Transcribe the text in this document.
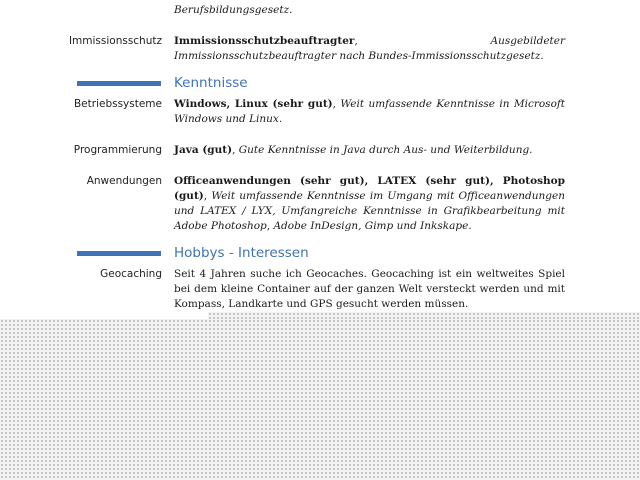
Berufsbildungsgesetz.
Immissionsschutz Immissionsschutzbeauftragter, Ausgebildeter Immissionsschutzbeauftragter nach Bundes-Immissionsschutzgesetz.
Kenntnisse
Betriebssysteme Windows, Linux (sehr gut), Weit umfassende Kenntnisse in Microsoft Windows und Linux.
Programmierung Java (gut), Gute Kenntnisse in Java durch Aus- und Weiterbildung.
Anwendungen Officeanwendungen (sehr gut), LATEX (sehr gut), Photoshop (gut), Weit umfassende Kenntnisse im Umgang mit Officeanwendungen und LATEX / LYX, Umfangreiche Kenntnisse in Grafikbearbeitung mit Adobe Photoshop, Adobe InDesign, Gimp und Inkskape.
Hobbys - Interessen
Geocaching Seit 4 Jahren suche ich Geocaches. Geocaching ist ein weltweites Spiel bei dem kleine Container auf der ganzen Welt versteckt werden und mit Kompass, Landkarte und GPS gesucht werden müssen.
